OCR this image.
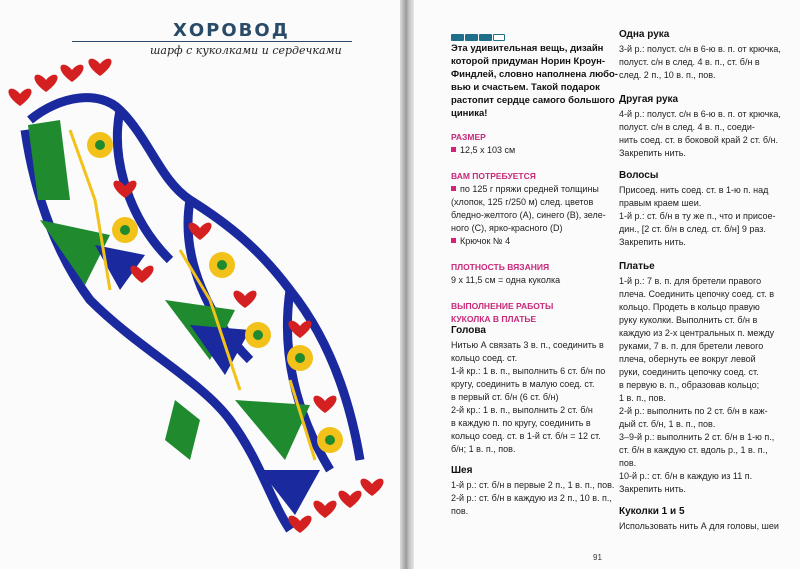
ХОРОВОД
шарф с куколками и сердечками	Эта удивительная вещь, дизайн
которой придуман Норин Кроун-
Финдлей, словно наполнена любо-
вью и счастьем. Такой подарок
растопит сердце самого большого
циника!
РАЗМЕР
12,5 х 103 см
ВАМ ПОТРЕБУЕТСЯ
по 125 г пряжи средней толщины
(хлопок, 125 г/250 м) след. цветов
бледно-желтого (А), синего (В), зеле-
ного (С), ярко-красного (D)
Крючок № 4
ПЛОТНОСТЬ ВЯЗАНИЯ
9 х 11,5 см = одна куколка
ВЫПОЛНЕНИЕ РАБОТЫ
КУКОЛКА В ПЛАТЬЕ
Голова
Нитью А связать 3 в. п., соединить в
кольцо соед. ст.
1-й кр.: 1 в. п., выполнить 6 ст. б/н по
кругу, соединить в малую соед. ст.
в первый ст. б/н (6 ст. б/н)
2-й кр.: 1 в. п., выполнить 2 ст. б/н
в каждую п. по кругу, соединить в
кольцо соед. ст. в 1-й ст. б/н = 12 ст.
б/н; 1 в. п., пов.
Шея
1-й р.: ст. б/н в первые 2 п., 1 в. п., пов.
2-й р.: ст. б/н в каждую из 2 п., 10 в. п.,
пов.
Одна рука
3-й р.: полуст. с/н в 6-ю в. п. от крючка,
полуст. с/н в след. 4 в. п., ст. б/н в
след. 2 п., 10 в. п., пов.
Другая рука
4-й р.: полуст. с/н в 6-ю в. п. от крючка,
полуст. с/н в след. 4 в. п., соеди-
нить соед. ст. в боковой край 2 ст. б/н.
Закрепить нить.
Волосы
Присоед. нить соед. ст. в 1-ю п. над
правым краем шеи.
1-й р.: ст. б/н в ту же п., что и присое-
дин., [2 ст. б/н в след. ст. б/н] 9 раз.
Закрепить нить.
Платье
1-й р.: 7 в. п. для бретели правого
плеча. Соединить цепочку соед. ст. в
кольцо. Продеть в кольцо правую
руку куколки. Выполнить ст. б/н в
каждую из 2-х центральных п. между
руками, 7 в. п. для бретели левого
плеча, обернуть ее вокруг левой
руки, соединить цепочку соед. ст.
в первую в. п., образовав кольцо;
1 в. п., пов.
2-й р.: выполнить по 2 ст. б/н в каж-
дый ст. б/н, 1 в. п., пов.
3–9-й р.: выполнить 2 ст. б/н в 1-ю п.,
ст. б/н в каждую ст. вдоль р., 1 в. п.,
пов.
10-й р.: ст. б/н в каждую из 11 п.
Закрепить нить.
Куколки 1 и 5
Использовать нить А для головы, шеи
91
